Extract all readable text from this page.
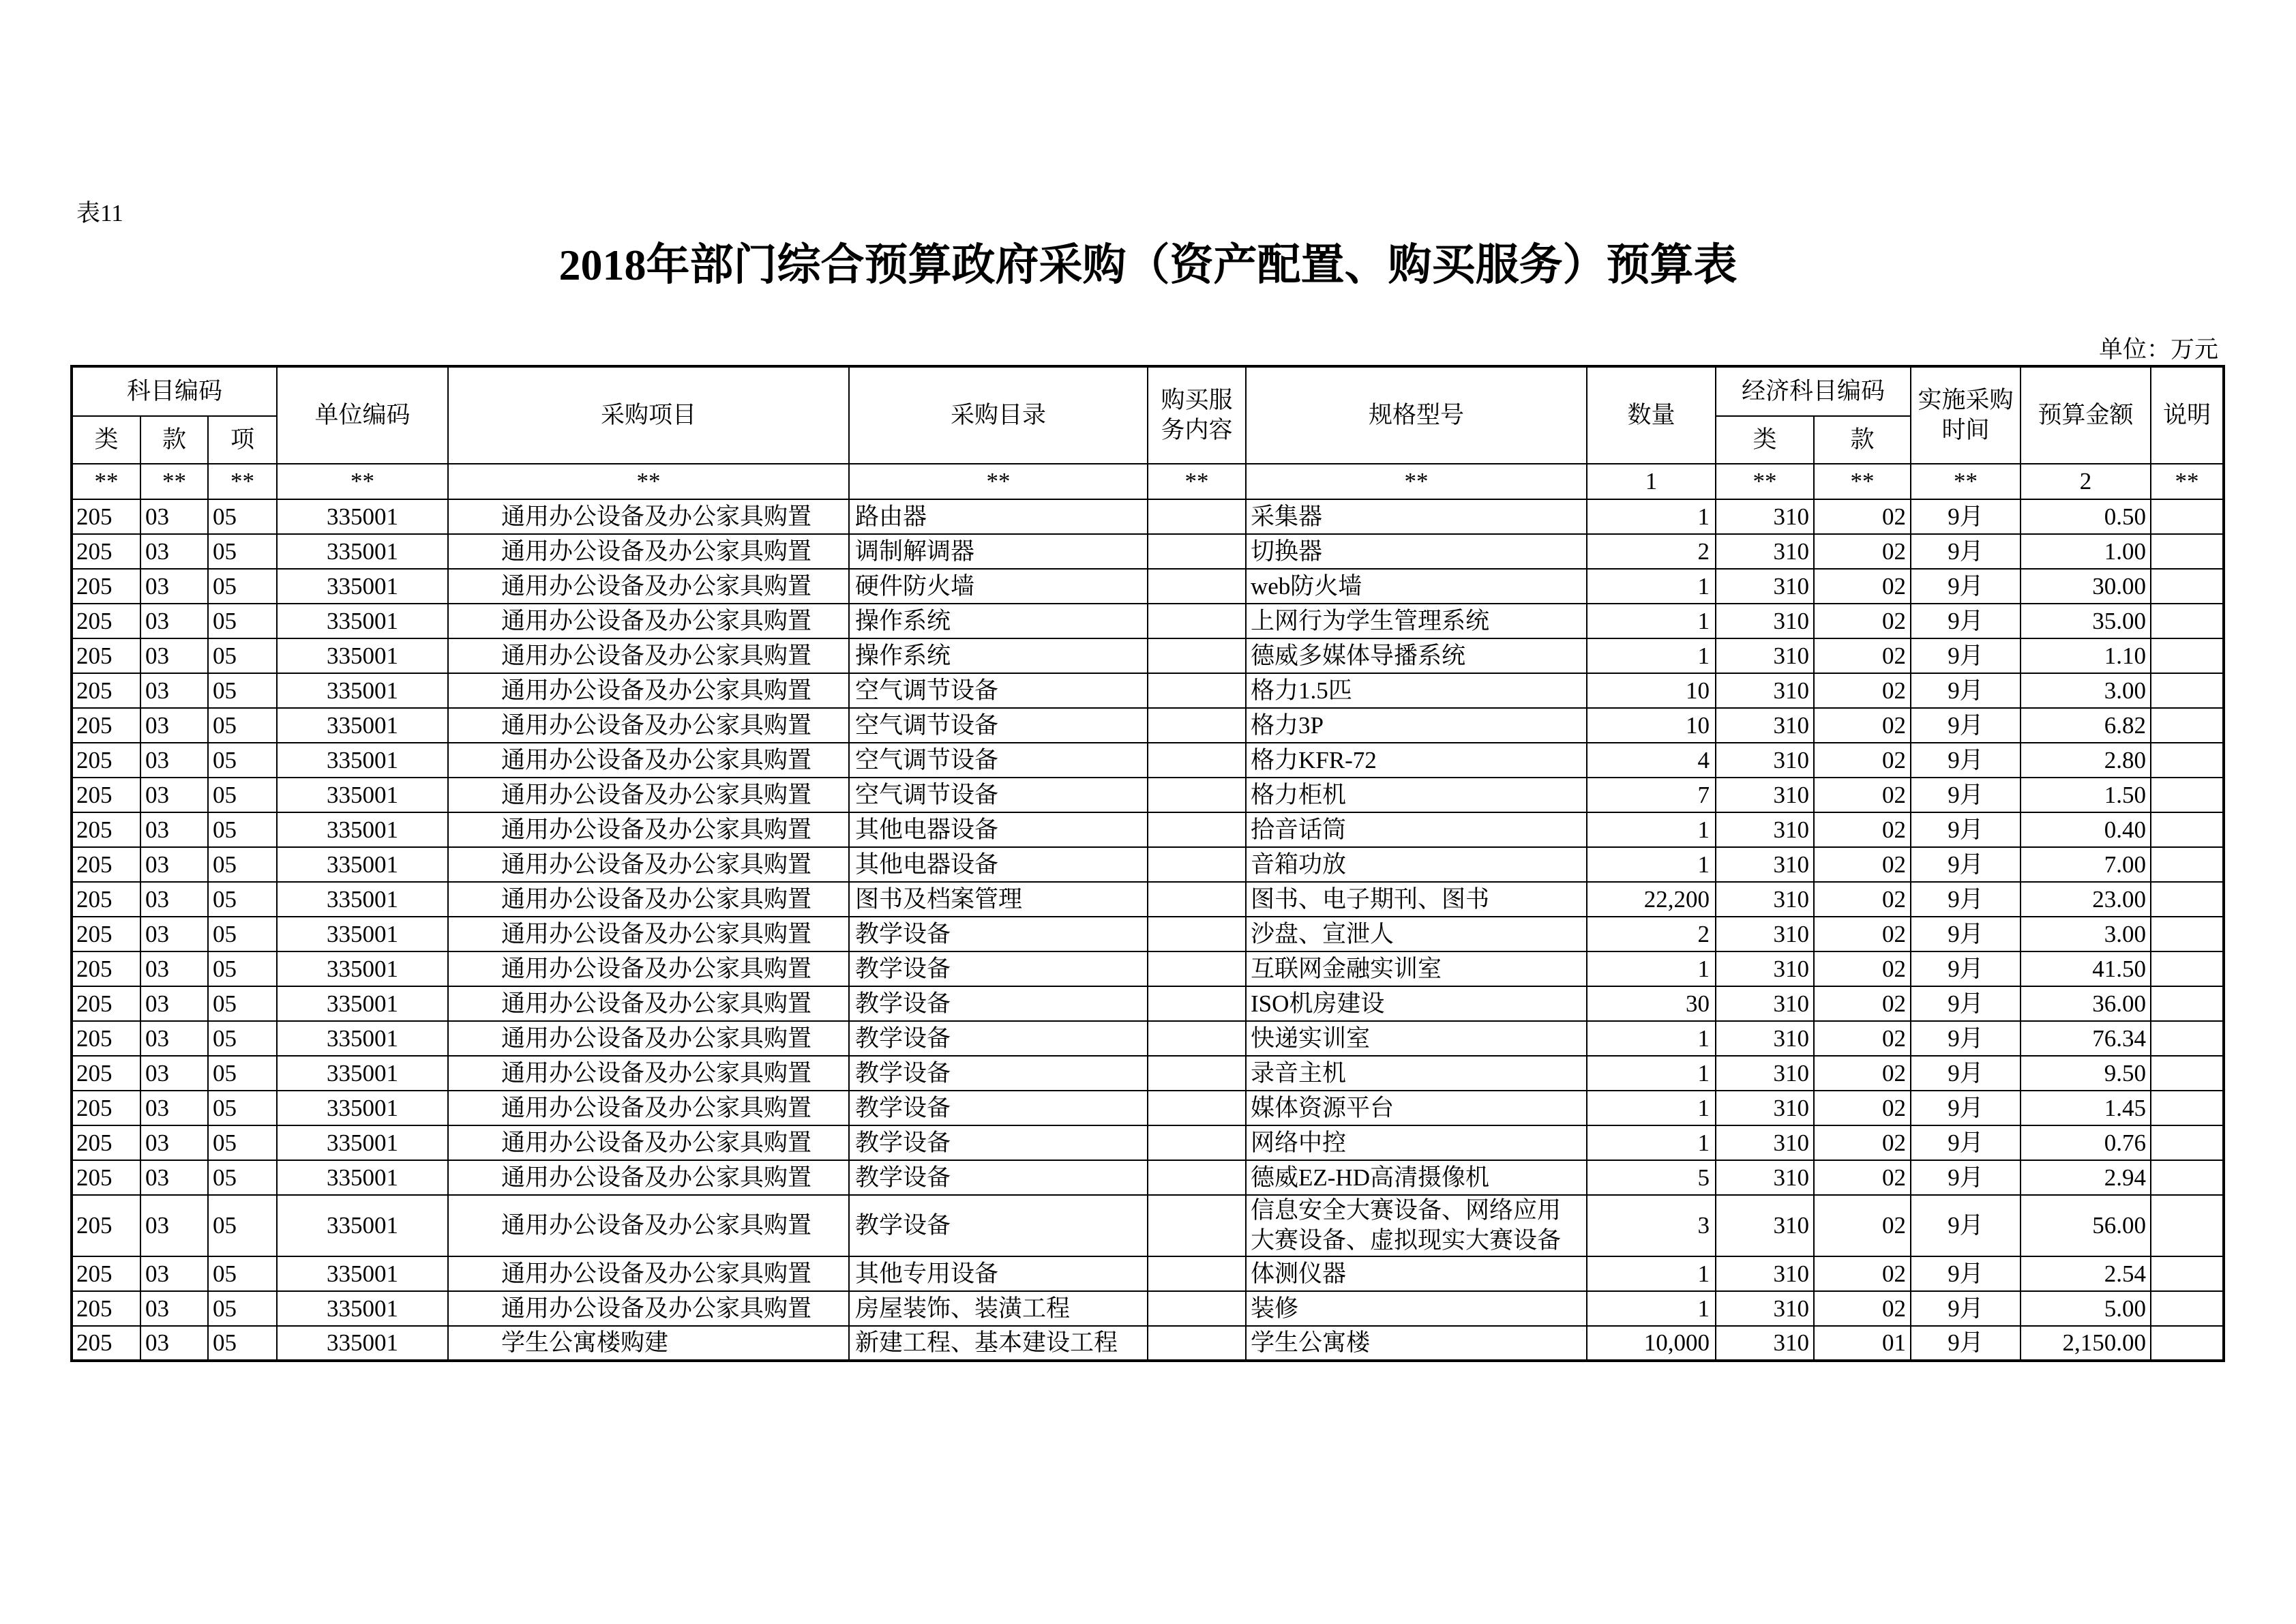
表11
2018年部门综合预算政府采购（资产配置、购买服务）预算表
单位：万元
科目编码			单位编码	采购项目	采购目录	购买服务内容	规格型号	数量	经济科目编码		实施采购时间	预算金额	说明
类	款	项							类	款			
**	**	**	**	**	**	**	**	1	**	**	**	2	**
205	03	05	335001	通用办公设备及办公家具购置	路由器		采集器	1	310	02	9月	0.50	
205	03	05	335001	通用办公设备及办公家具购置	调制解调器		切换器	2	310	02	9月	1.00	
205	03	05	335001	通用办公设备及办公家具购置	硬件防火墙		web防火墙	1	310	02	9月	30.00	
205	03	05	335001	通用办公设备及办公家具购置	操作系统		上网行为学生管理系统	1	310	02	9月	35.00	
205	03	05	335001	通用办公设备及办公家具购置	操作系统		德威多媒体导播系统	1	310	02	9月	1.10	
205	03	05	335001	通用办公设备及办公家具购置	空气调节设备		格力1.5匹	10	310	02	9月	3.00	
205	03	05	335001	通用办公设备及办公家具购置	空气调节设备		格力3P	10	310	02	9月	6.82	
205	03	05	335001	通用办公设备及办公家具购置	空气调节设备		格力KFR-72	4	310	02	9月	2.80	
205	03	05	335001	通用办公设备及办公家具购置	空气调节设备		格力柜机	7	310	02	9月	1.50	
205	03	05	335001	通用办公设备及办公家具购置	其他电器设备		拾音话筒	1	310	02	9月	0.40	
205	03	05	335001	通用办公设备及办公家具购置	其他电器设备		音箱功放	1	310	02	9月	7.00	
205	03	05	335001	通用办公设备及办公家具购置	图书及档案管理		图书、电子期刊、图书	22,200	310	02	9月	23.00	
205	03	05	335001	通用办公设备及办公家具购置	教学设备		沙盘、宣泄人	2	310	02	9月	3.00	
205	03	05	335001	通用办公设备及办公家具购置	教学设备		互联网金融实训室	1	310	02	9月	41.50	
205	03	05	335001	通用办公设备及办公家具购置	教学设备		ISO机房建设	30	310	02	9月	36.00	
205	03	05	335001	通用办公设备及办公家具购置	教学设备		快递实训室	1	310	02	9月	76.34	
205	03	05	335001	通用办公设备及办公家具购置	教学设备		录音主机	1	310	02	9月	9.50	
205	03	05	335001	通用办公设备及办公家具购置	教学设备		媒体资源平台	1	310	02	9月	1.45	
205	03	05	335001	通用办公设备及办公家具购置	教学设备		网络中控	1	310	02	9月	0.76	
205	03	05	335001	通用办公设备及办公家具购置	教学设备		德威EZ-HD高清摄像机	5	310	02	9月	2.94	
205	03	05	335001	通用办公设备及办公家具购置	教学设备		信息安全大赛设备、网络应用大赛设备、虚拟现实大赛设备	3	310	02	9月	56.00	
205	03	05	335001	通用办公设备及办公家具购置	其他专用设备		体测仪器	1	310	02	9月	2.54	
205	03	05	335001	通用办公设备及办公家具购置	房屋装饰、装潢工程		装修	1	310	02	9月	5.00	
205	03	05	335001	学生公寓楼购建	新建工程、基本建设工程		学生公寓楼	10,000	310	01	9月	2,150.00	
